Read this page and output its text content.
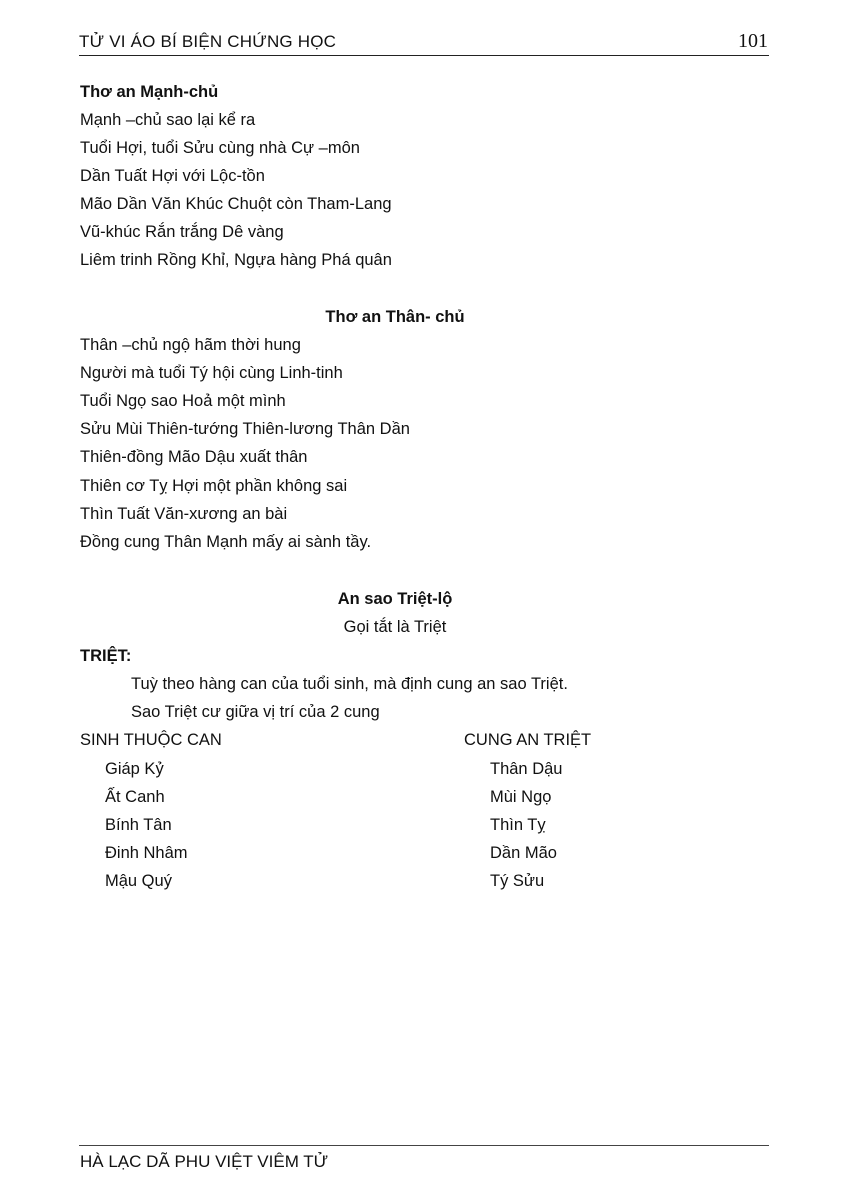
TỬ VI ÁO BÍ BIỆN CHỨNG HỌC	101
Thơ an Mạnh-chủ
Mạnh –chủ sao lại kể ra
Tuổi Hợi, tuổi Sửu cùng nhà Cự –môn
Dần Tuất Hợi với Lộc-tồn
Mão Dần Văn Khúc Chuột còn Tham-Lang
Vũ-khúc Rắn trắng Dê vàng
Liêm trinh Rồng Khỉ, Ngựa hàng Phá quân
Thơ an Thân- chủ
Thân –chủ ngộ hãm thời hung
Người mà tuổi Tý hội cùng Linh-tinh
Tuổi Ngọ sao Hoả một mình
Sửu Mùi Thiên-tướng Thiên-lương Thân Dần
Thiên-đồng Mão Dậu xuất thân
Thiên cơ Tỵ Hợi một phần không sai
Thìn Tuất Văn-xương an bài
Đồng cung Thân Mạnh mấy ai sành tầy.
An sao Triệt-lộ
Gọi tắt là Triệt
TRIỆT:
Tuỳ theo hàng can của tuổi sinh, mà định cung an sao Triệt.
Sao Triệt cư giữa vị trí của 2 cung
SINH THUỘC CAN	CUNG AN TRIỆT
Giáp Kỷ	Thân Dậu
Ất Canh	Mùi Ngọ
Bính Tân	Thìn Tỵ
Đinh Nhâm	Dần Mão
Mậu Quý	Tý Sửu
HÀ LẠC DÃ PHU VIỆT VIÊM TỬ
